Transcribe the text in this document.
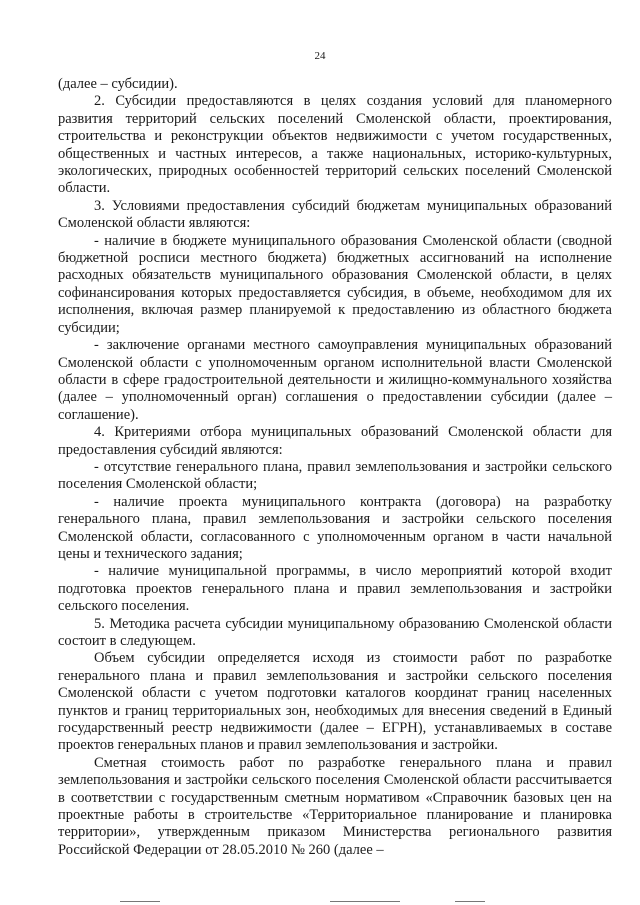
24

(далее – субсидии).

2. Субсидии предоставляются в целях создания условий для планомерного развития территорий сельских поселений Смоленской области, проектирования, строительства и реконструкции объектов недвижимости с учетом государственных, общественных и частных интересов, а также национальных, историко-культурных, экологических, природных особенностей территорий сельских поселений Смоленской области.

3. Условиями предоставления субсидий бюджетам муниципальных образований Смоленской области являются:

- наличие в бюджете муниципального образования Смоленской области (сводной бюджетной росписи местного бюджета) бюджетных ассигнований на исполнение расходных обязательств муниципального образования Смоленской области, в целях софинансирования которых предоставляется субсидия, в объеме, необходимом для их исполнения, включая размер планируемой к предоставлению из областного бюджета субсидии;

- заключение органами местного самоуправления муниципальных образований Смоленской области с уполномоченным органом исполнительной власти Смоленской области в сфере градостроительной деятельности и жилищно-коммунального хозяйства (далее – уполномоченный орган) соглашения о предоставлении субсидии (далее – соглашение).

4. Критериями отбора муниципальных образований Смоленской области для предоставления субсидий являются:

- отсутствие генерального плана, правил землепользования и застройки сельского поселения Смоленской области;

- наличие проекта муниципального контракта (договора) на разработку генерального плана, правил землепользования и застройки сельского поселения Смоленской области, согласованного с уполномоченным органом в части начальной цены и технического задания;

- наличие муниципальной программы, в число мероприятий которой входит подготовка проектов генерального плана и правил землепользования и застройки сельского поселения.

5. Методика расчета субсидии муниципальному образованию Смоленской области состоит в следующем.

Объем субсидии определяется исходя из стоимости работ по разработке генерального плана и правил землепользования и застройки сельского поселения Смоленской области с учетом подготовки каталогов координат границ населенных пунктов и границ территориальных зон, необходимых для внесения сведений в Единый государственный реестр недвижимости (далее – ЕГРН), устанавливаемых в составе проектов генеральных планов и правил землепользования и застройки.

Сметная стоимость работ по разработке генерального плана и правил землепользования и застройки сельского поселения Смоленской области рассчитывается в соответствии с государственным сметным нормативом «Справочник базовых цен на проектные работы в строительстве «Территориальное планирование и планировка территории», утвержденным приказом Министерства регионального развития Российской Федерации от 28.05.2010 № 260 (далее –
